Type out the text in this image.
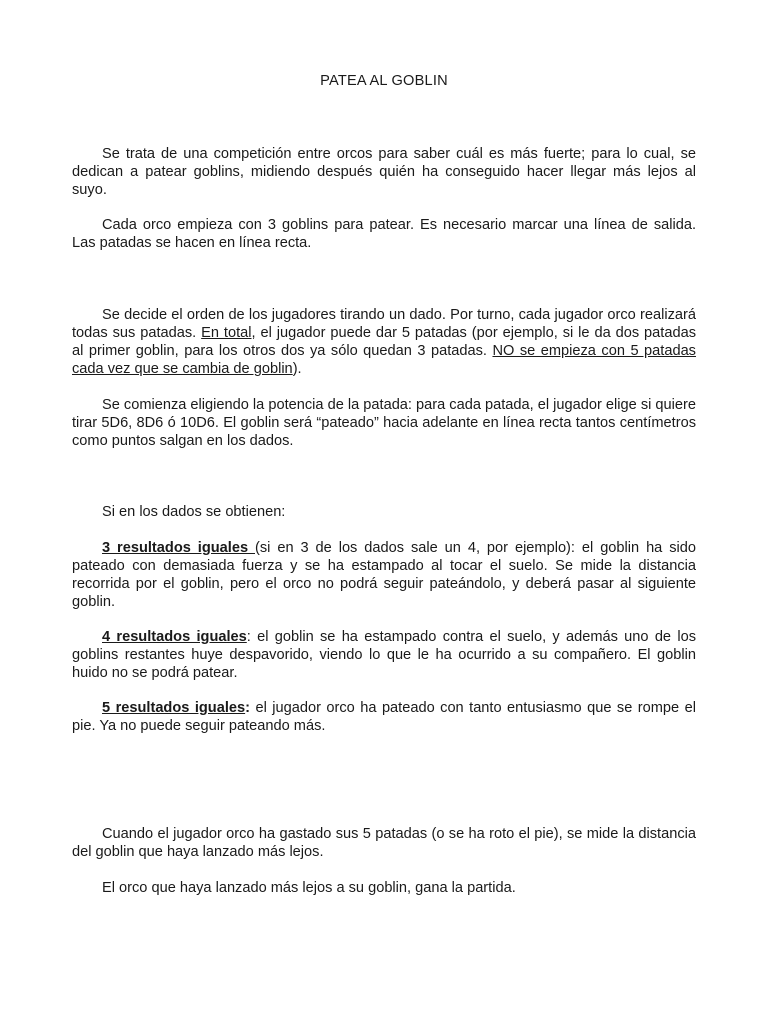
PATEA AL GOBLIN

Se trata de una competición entre orcos para saber cuál es más fuerte; para lo cual, se dedican a patear goblins, midiendo después quién ha conseguido hacer llegar más lejos al suyo.

Cada orco empieza con 3 goblins para patear. Es necesario marcar una línea de salida. Las patadas se hacen en línea recta.

Se decide el orden de los jugadores tirando un dado. Por turno, cada jugador orco realizará todas sus patadas. En total, el jugador puede dar 5 patadas (por ejemplo, si le da dos patadas al primer goblin, para los otros dos ya sólo quedan 3 patadas. NO se empieza con 5 patadas cada vez que se cambia de goblin).

Se comienza eligiendo la potencia de la patada: para cada patada, el jugador elige si quiere tirar 5D6, 8D6 ó 10D6. El goblin será “pateado” hacia adelante en línea recta tantos centímetros como puntos salgan en los dados.

Si en los dados se obtienen:

3 resultados iguales (si en 3 de los dados sale un 4, por ejemplo): el goblin ha sido pateado con demasiada fuerza y se ha estampado al tocar el suelo. Se mide la distancia recorrida por el goblin, pero el orco no podrá seguir pateándolo, y deberá pasar al siguiente goblin.

4 resultados iguales: el goblin se ha estampado contra el suelo, y además uno de los goblins restantes huye despavorido, viendo lo que le ha ocurrido a su compañero. El goblin huido no se podrá patear.

5 resultados iguales: el jugador orco ha pateado con tanto entusiasmo que se rompe el pie. Ya no puede seguir pateando más.

Cuando el jugador orco ha gastado sus 5 patadas (o se ha roto el pie), se mide la distancia del goblin que haya lanzado más lejos.

El orco que haya lanzado más lejos a su goblin, gana la partida.
